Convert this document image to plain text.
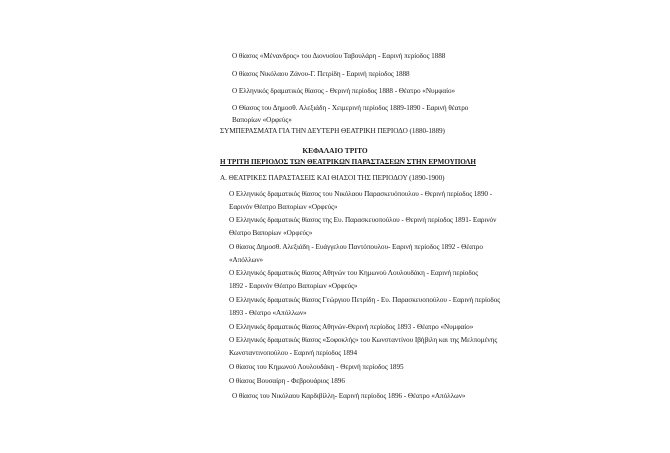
Ο θίασος «Μένανδρος» του Διονυσίου Ταβουλάρη - Εαρινή περίοδος 1888
Ο θίασος Νικόλαου Ζάνου-Γ. Πετρίδη - Εαρινή περίοδος 1888
Ο Ελληνικός δραματικός θίασος - Θερινή περίοδος 1888 - Θέατρο «Νυμφαίο»
Ο Θίασος του Δημοσθ. Αλεξιάδη - Χειμερινή περίοδος 1889-1890 - Εαρινή θέατρο
Βαπορίων «Ορφεύς»
ΣΥΜΠΕΡΑΣΜΑΤΑ ΓΙΑ ΤΗΝ ΔΕΥΤΕΡΗ ΘΕΑΤΡΙΚΗ ΠΕΡΙΟΔΟ (1880-1889)
ΚΕΦΑΛΑΙΟ ΤΡΙΤΟ
Η ΤΡΙΤΗ ΠΕΡΙΟΔΟΣ ΤΩΝ ΘΕΑΤΡΙΚΩΝ ΠΑΡΑΣΤΑΣΕΩΝ ΣΤΗΝ ΕΡΜΟΥΠΟΛΗ
Α. ΘΕΑΤΡΙΚΕΣ ΠΑΡΑΣΤΑΣΕΙΣ ΚΑΙ ΘΙΑΣΟΙ ΤΗΣ ΠΕΡΙΟΔΟΥ (1890-1900)
Ο Ελληνικός δραματικός θίασος του Νικόλαου Παρασκευόπουλου - Θερινή περίοδος 1890 -
Εαρινόν Θέατρο Βαπορίων «Ορφεύς»
Ο Ελληνικός δραματικός θίασος της Ευ. Παρασκευοπούλου - Θερινή περίοδος 1891- Εαρινόν
Θέατρο Βαπορίων «Ορφεύς»
Ο θίασος Δημοσθ. Αλεξιάδη - Ευάγγελου Παντόπουλου- Εαρινή περίοδος 1892 - Θέατρο
«Απόλλων»
Ο Ελληνικός δραματικός θίασος Αθηνών του Κημωνού Λουλουδάκη - Εαρινή περίοδος
1892 - Εαρινόν Θέατρο Βαπορίων «Ορφεύς»
Ο Ελληνικός δραματικός θίασος Γεώργιου Πετρίδη - Ευ. Παρασκευοπούλου - Εαρινή περίοδος
1893 - Θέατρο «Απόλλων»
Ο Ελληνικός δραματικός θίασος Αθηνών-Θερινή περίοδος 1893 - Θέατρο «Νυμφαίο»
Ο Ελληνικός δραματικός θίασος «Σοφοκλής» του Κωνσταντίνου Ιβήβιλη και της Μελπομένης
Κωνσταντινοπούλου - Εαρινή περίοδος 1894
Ο θίασος του Κημωνού Λουλουδάκη - Θερινή περίοδος 1895
Ο θίασος Βουσαίρη - Φεβρουάριος 1896
Ο θίασος του Νικόλαου Καρδιβίλλη- Εαρινή περίοδος 1896 - Θέατρο «Απόλλων»
